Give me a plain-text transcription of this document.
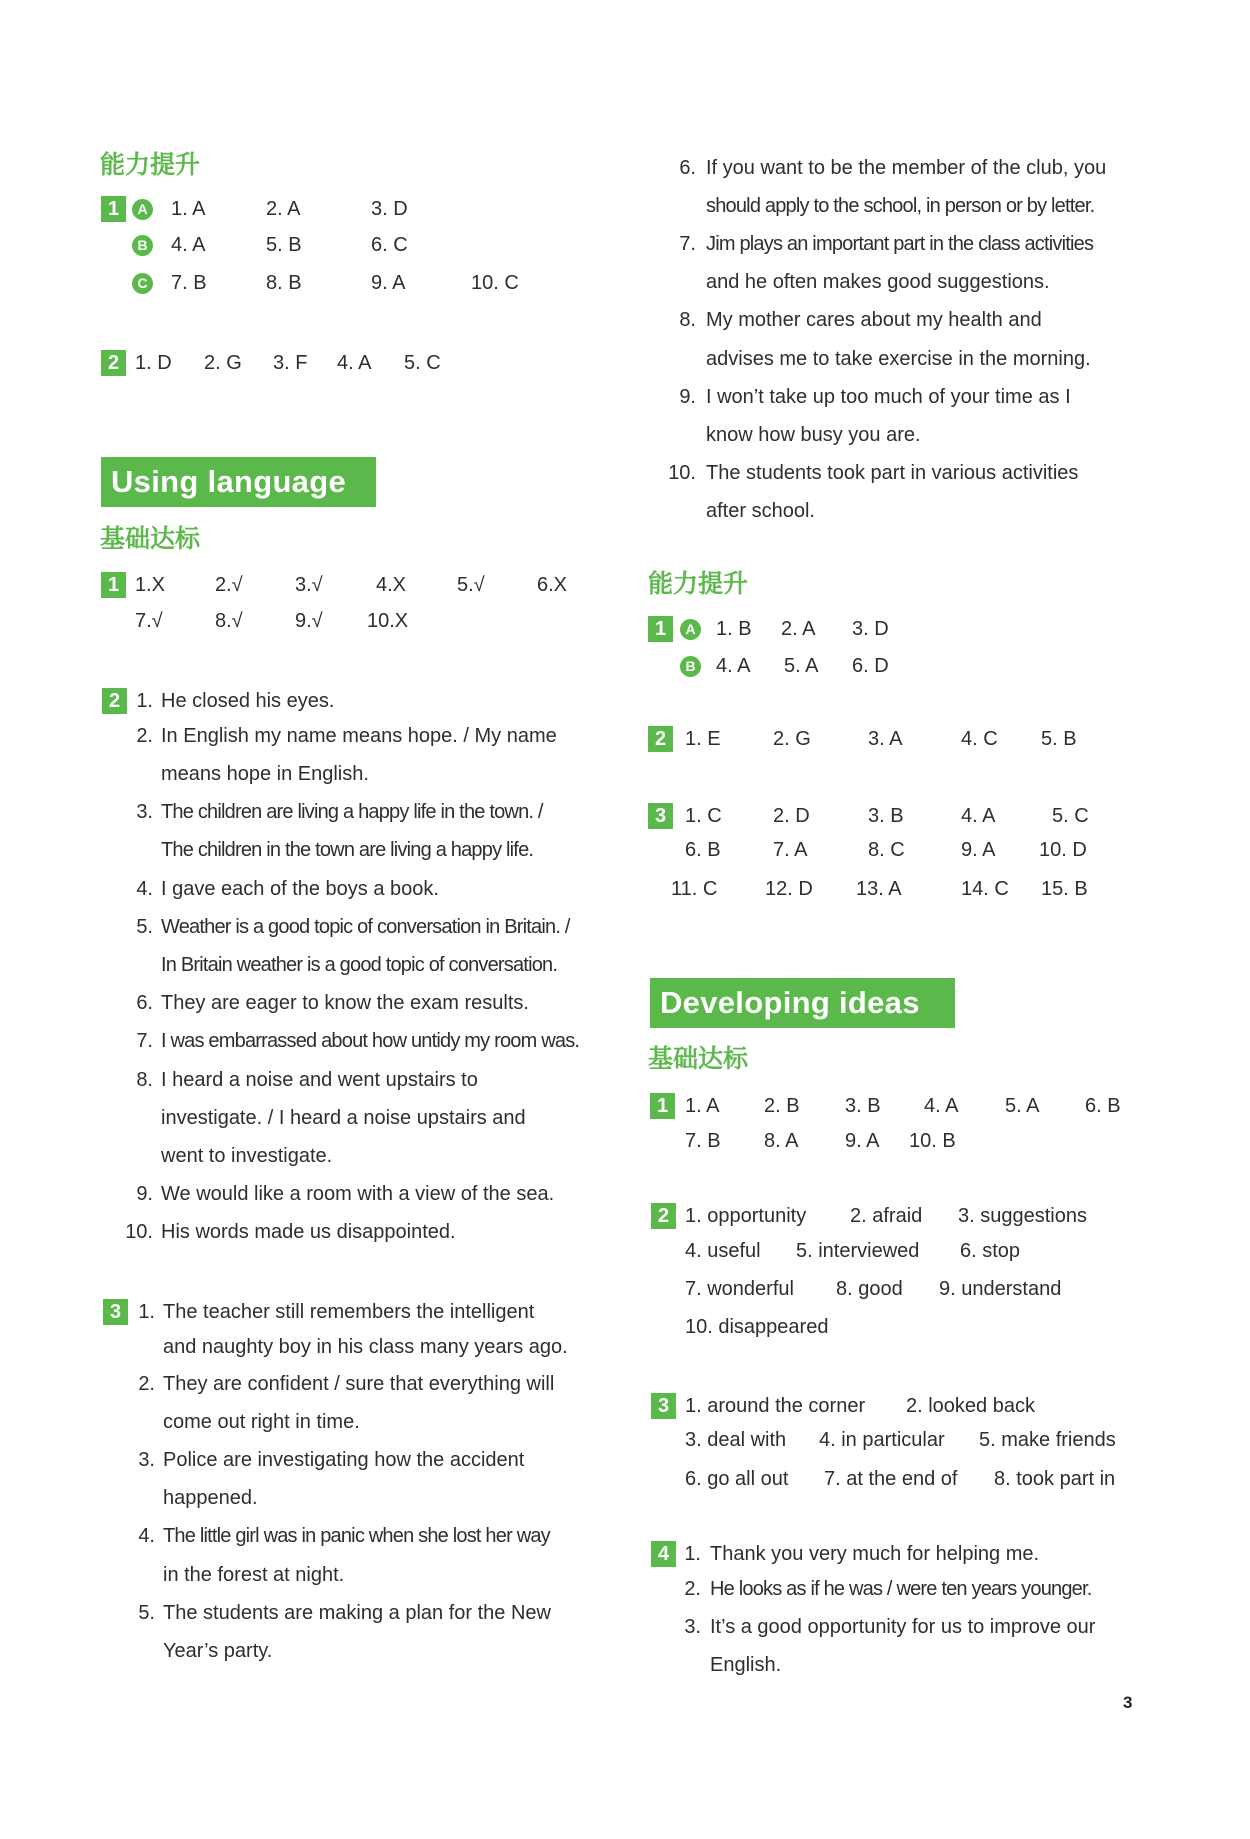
能力提升
1	A 1. A	2. A	3. D
B 4. A	5. B	6. C
C 7. B	8. B	9. A	10. C
2 1. D 2. G 3. F 4. A 5. C
Using language
基础达标
1 1.X 2.√	3.√	4.X	5.√	6.X
7.√	8.√	9.√ 10.X
2 1. He closed his eyes.
2. In English my name means hope. / My name
means hope in English.
3. The children are living a happy life in the town. /
The children in the town are living a happy life.
4. I gave each of the boys a book.
5. Weather is a good topic of conversation in Britain. /
In Britain weather is a good topic of conversation.
6. They are eager to know the exam results.
7. I was embarrassed about how untidy my room was.
8. I heard a noise and went upstairs to
investigate. / I heard a noise upstairs and
went to investigate.
9. We would like a room with a view of the sea.
10. His words made us disappointed.
3 1. The teacher still remembers the intelligent
and naughty boy in his class many years ago.
2. They are confident / sure that everything will
come out right in time.
3. Police are investigating how the accident
happened.
4. The little girl was in panic when she lost her way
in the forest at night.
5. The students are making a plan for the New
Year’s party.
6. If you want to be the member of the club, you
should apply to the school, in person or by letter.
7. Jim plays an important part in the class activities
and he often makes good suggestions.
8. My mother cares about my health and
advises me to take exercise in the morning.
9. I won’t take up too much of your time as I
know how busy you are.
10. The students took part in various activities
after school.
能力提升
1	A 1. B 2. A 3. D
B 4. A 5. A 6. D
2 1. E	2. G	3. A	4. C 5. B
3 1. C	2. D	3. B	4. A	5. C
6. B	7. A	8. C	9. A 10. D
11. C 12. D 13. A	14. C 15. B
Developing ideas
基础达标
1 1. A 2. B 3. B 4. A 5. A 6. B
7. B 8. A 9. A 10. B
2 1. opportunity 2. afraid 3. suggestions
4. useful 5. interviewed 6. stop
7. wonderful 8. good 9. understand
10. disappeared
3 1. around the corner 2. looked back
3. deal with 4. in particular 5. make friends
6. go all out 7. at the end of 8. took part in
4 1. Thank you very much for helping me.
2. He looks as if he was / were ten years younger.
3. It’s a good opportunity for us to improve our
English.
3
